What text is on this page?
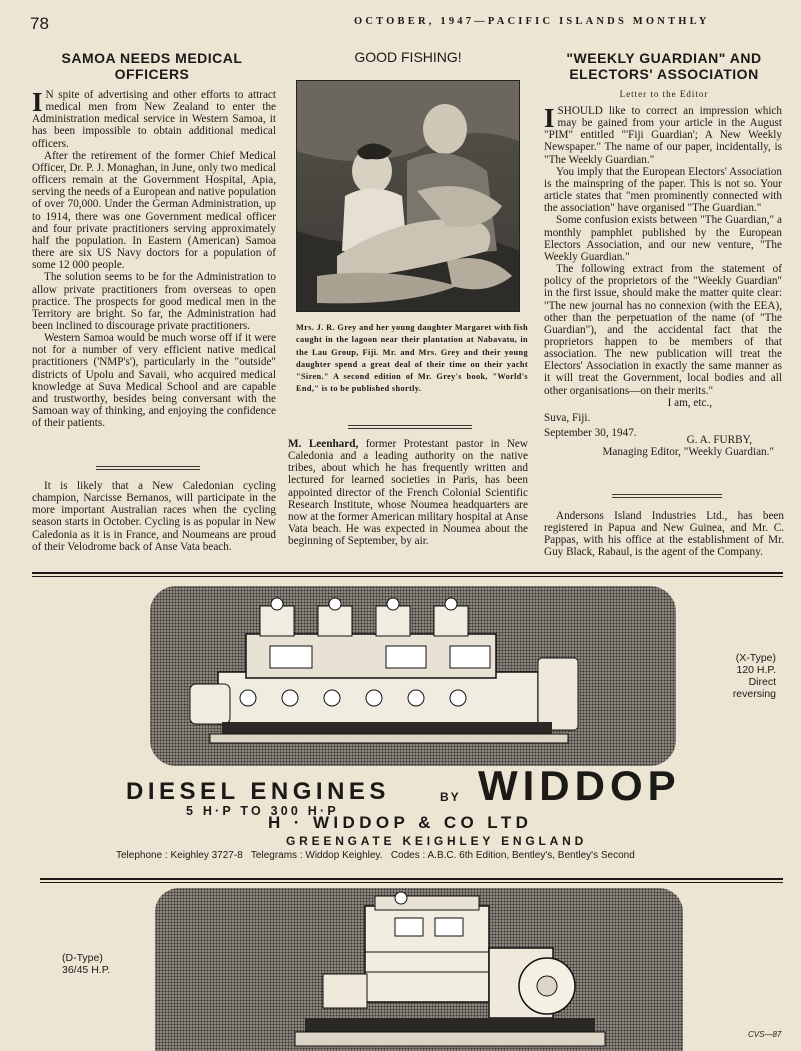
78	OCTOBER, 1947—PACIFIC ISLANDS MONTHLY
SAMOA NEEDS MEDICAL
OFFICERS

I N spite of advertising and other efforts to attract medical men from New Zealand to enter the Administration medical service in Western Samoa, it has been impossible to obtain additional medical officers.

After the retirement of the former Chief Medical Officer, Dr. P. J. Monaghan, in June, only two medical officers remain at the Government Hospital, Apia, serving the needs of a European and native population of over 70,000. Under the German Administration, up to 1914, there was one Government medical officer and four private practitioners serving approximately half the population. In Eastern (American) Samoa there are six US Navy doctors for a population of some 12 000 people.

The solution seems to be for the Administration to allow private practitioners from overseas to open practice. The prospects for good medical men in the Territory are bright. So far, the Administration had been inclined to discourage private practitioners.

Western Samoa would be much worse off if it were not for a number of very efficient native medical practitioners ('NMP's'), particularly in the "outside" districts of Upolu and Savaii, who acquired medical knowledge at Suva Medical School and are capable and trustworthy, besides being conversant with the Samoan way of thinking, and enjoying the confidence of their patients.

It is likely that a New Caledonian cycling champion, Narcisse Bernanos, will participate in the more important Australian races when the cycling season starts in October. Cycling is as popular in New Caledonia as it is in France, and Noumeans are proud of their Velodrome back of Anse Vata beach.

GOOD FISHING!
Mrs. J. R. Grey and her young daughter Margaret with fish caught in the lagoon near their plantation at Nabavatu, in the Lau Group, Fiji. Mr. and Mrs. Grey and their young daughter spend a great deal of their time on their yacht "Siren." A second edition of Mr. Grey's book, "World's End," is to be published shortly.

M. Leenhard, former Protestant pastor in New Caledonia and a leading authority on the native tribes, about which he has frequently written and lectured for learned societies in Paris, has been appointed director of the French Colonial Scientific Research Institute, whose Noumea headquarters are now at the former American military hospital at Anse Vata beach. He was expected in Noumea about the beginning of September, by air.

"WEEKLY GUARDIAN" AND
ELECTORS' ASSOCIATION
Letter to the Editor

ISHOULD like to correct an impression which may be gained from your article in the August "PIM" entitled "'Fiji Guardian'; A New Weekly Newspaper." The name of our paper, incidentally, is "The Weekly Guardian."

You imply that the European Electors' Association is the mainspring of the paper. This is not so. Your article states that "men prominently connected with the association" have organised "The Guardian."

Some confusion exists between "The Guardian," a monthly pamphlet published by the European Electors Association, and our new venture, "The Weekly Guardian."

The following extract from the statement of policy of the proprietors of the "Weekly Guardian" in the first issue, should make the matter quite clear: "The new journal has no connexion (with the EEA), other than the perpetuation of the name (of "The Guardian"), and the accidental fact that the proprietors happen to be members of that association. The new publication will treat the Electors' Association in exactly the same manner as it will treat the Government, local bodies and all other organisations—on their merits."

I am, etc.,
Suva, Fiji.
September 30, 1947.
G. A. FURBY,
Managing Editor, "Weekly Guardian."

Andersons Island Industries Ltd., has been registered in Papua and New Guinea, and Mr. C. Pappas, with his office at the establishment of Mr. Guy Black, Rabaul, is the agent of the Company.

(X-Type)
120 H.P.
Direct
reversing
DIESEL ENGINES	BY WIDDOP
5 H·P TO 300 H·P
H · WIDDOP & CO LTD
GREENGATE KEIGHLEY ENGLAND
Telephone : Keighley 3727-8 Telegrams : Widdop Keighley. Codes : A.B.C. 6th Edition, Bentley's, Bentley's Second
(D-Type)
36/45 H.P.
CVS—87
